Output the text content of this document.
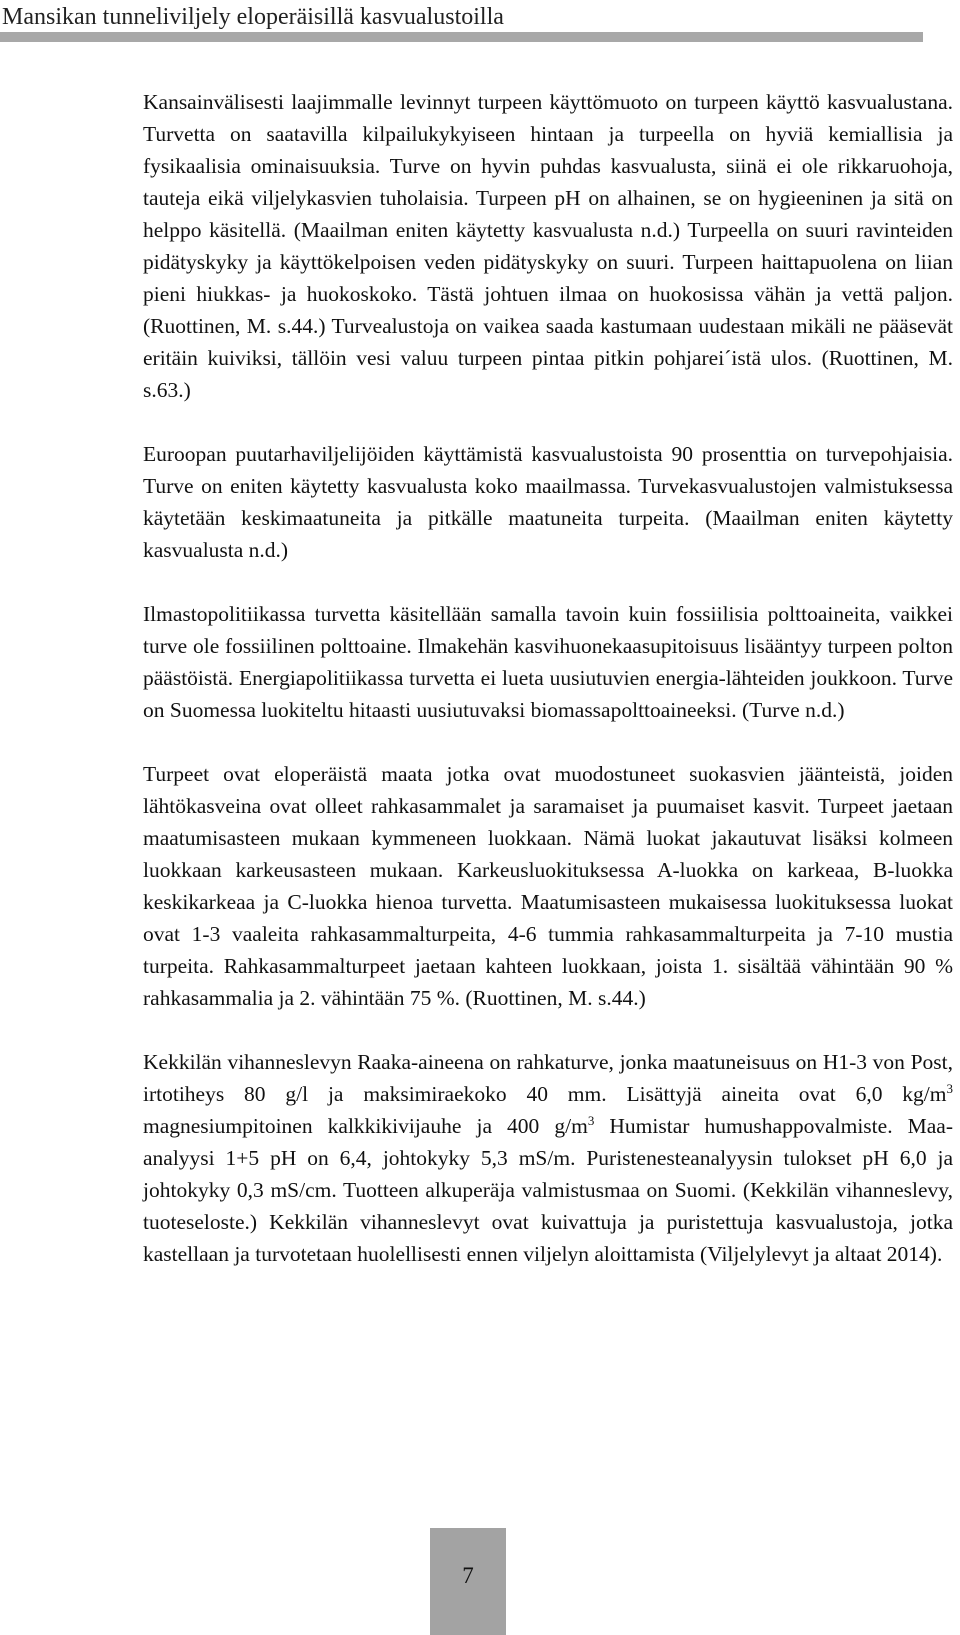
Mansikan tunneliviljely eloperäisillä kasvualustoilla

Kansainvälisesti laajimmalle levinnyt turpeen käyttömuoto on turpeen käyttö kasvualustana. Turvetta on saatavilla kilpailukykyiseen hintaan ja turpeella on hyviä kemiallisia ja fysikaalisia ominaisuuksia. Turve on hyvin puhdas kasvualusta, siinä ei ole rikkaruohoja, tauteja eikä viljelykasvien tuholaisia. Turpeen pH on alhainen, se on hygieeninen ja sitä on helppo käsitellä. (Maailman eniten käytetty kasvualusta n.d.) Turpeella on suuri ravinteiden pidätyskyky ja käyttökelpoisen veden pidätyskyky on suuri. Turpeen haittapuolena on liian pieni hiukkas- ja huokoskoko. Tästä johtuen ilmaa on huokosissa vähän ja vettä paljon. (Ruottinen, M. s.44.) Turvealustoja on vaikea saada kastumaan uudestaan mikäli ne pääsevät eritäin kuiviksi, tällöin vesi valuu turpeen pintaa pitkin pohjarei´istä ulos. (Ruottinen, M. s.63.)

Euroopan puutarhaviljelijöiden käyttämistä kasvualustoista 90 prosenttia on turvepohjaisia. Turve on eniten käytetty kasvualusta koko maailmassa. Turvekasvualustojen valmistuksessa käytetään keskimaatuneita ja pitkälle maatuneita turpeita. (Maailman eniten käytetty kasvualusta n.d.)

Ilmastopolitiikassa turvetta käsitellään samalla tavoin kuin fossiilisia polttoaineita, vaikkei turve ole fossiilinen polttoaine. Ilmakehän kasvihuonekaasupitoisuus lisääntyy turpeen polton päästöistä. Energiapolitiikassa turvetta ei lueta uusiutuvien energia-lähteiden joukkoon. Turve on Suomessa luokiteltu hitaasti uusiutuvaksi biomassapolttoaineeksi. (Turve n.d.)

Turpeet ovat eloperäistä maata jotka ovat muodostuneet suokasvien jäänteistä, joiden lähtökasveina ovat olleet rahkasammalet ja saramaiset ja puumaiset kasvit. Turpeet jaetaan maatumisasteen mukaan kymmeneen luokkaan. Nämä luokat jakautuvat lisäksi kolmeen luokkaan karkeusasteen mukaan. Karkeusluokituksessa A-luokka on karkeaa, B-luokka keskikarkeaa ja C-luokka hienoa turvetta. Maatumisasteen mukaisessa luokituksessa luokat ovat 1-3 vaaleita rahkasammalturpeita, 4-6 tummia rahkasammalturpeita ja 7-10 mustia turpeita. Rahkasammalturpeet jaetaan kahteen luokkaan, joista 1. sisältää vähintään 90 % rahkasammalia ja 2. vähintään 75 %. (Ruottinen, M. s.44.)

Kekkilän vihanneslevyn Raaka-aineena on rahkaturve, jonka maatuneisuus on H1-3 von Post, irtotiheys 80 g/l ja maksimiraekoko 40 mm. Lisättyjä aineita ovat 6,0 $kg/m^3$ magnesiumpitoinen kalkkikivijauhe ja 400 $g/m^3$ Humistar humushappovalmiste. Maa-analyysi 1+5 pH on 6,4, johtokyky 5,3 mS/m. Puristenesteanalyysin tulokset pH 6,0 ja johtokyky 0,3 mS/cm. Tuotteen alkuperäja valmistusmaa on Suomi. (Kekkilän vihanneslevy, tuoteseloste.) Kekkilän vihanneslevyt ovat kuivattuja ja puristettuja kasvualustoja, jotka kastellaan ja turvotetaan huolellisesti ennen viljelyn aloittamista (Viljelylevyt ja altaat 2014).

7
